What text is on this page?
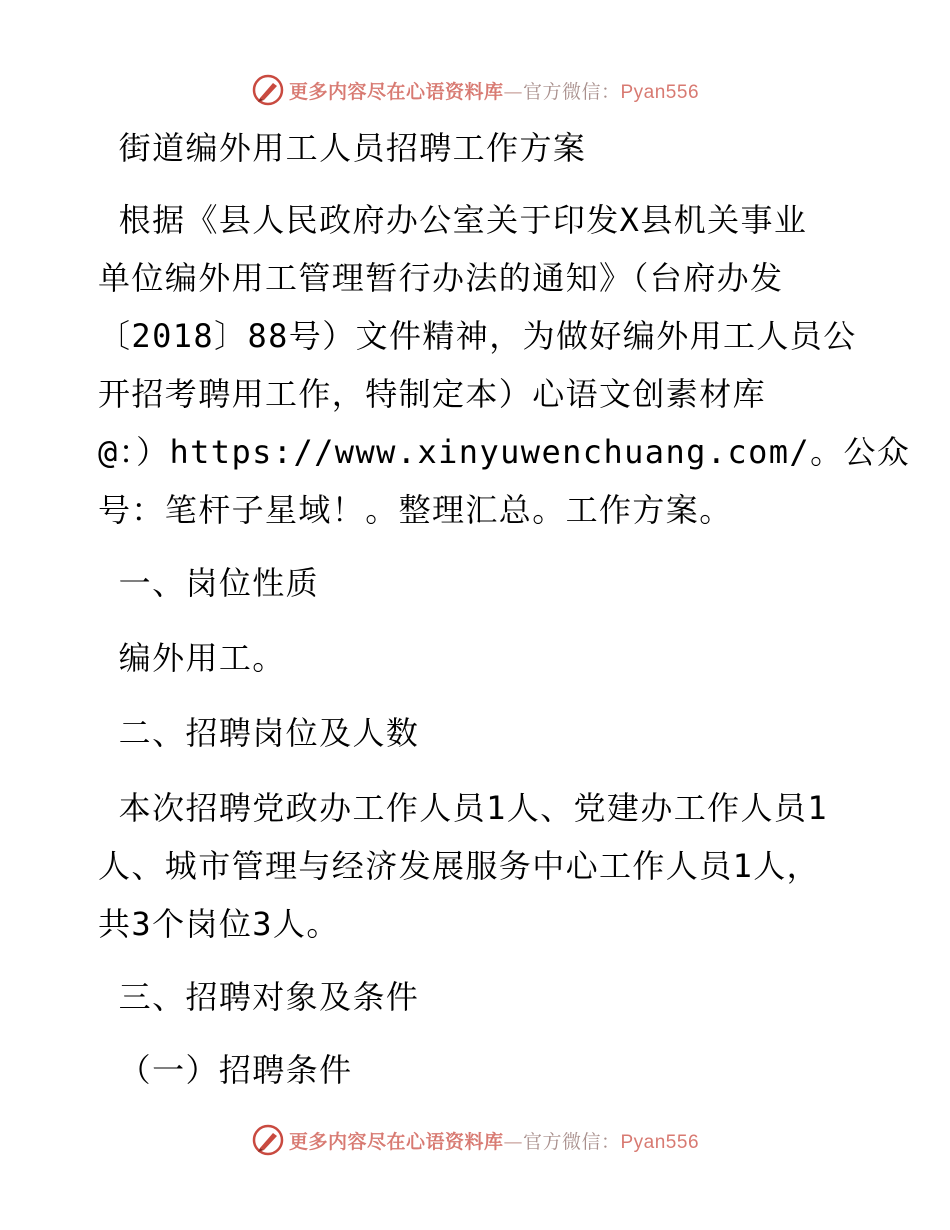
更多内容尽在心语资料库—官方微信：Pyan556
街道编外用工人员招聘工作方案
根据《县人民政府办公室关于印发X县机关事业
单位编外用工管理暂行办法的通知》（台府办发
〔2018〕88号）文件精神，为做好编外用工人员公
开招考聘用工作，特制定本）心语文创素材库
@：）https://www.xinyuwenchuang.com/。公众
号：笔杆子星域！。整理汇总。工作方案。
一、岗位性质
编外用工。
二、招聘岗位及人数
本次招聘党政办工作人员1人、党建办工作人员1
人、城市管理与经济发展服务中心工作人员1人，
共3个岗位3人。
三、招聘对象及条件
（一）招聘条件
更多内容尽在心语资料库—官方微信：Pyan556
